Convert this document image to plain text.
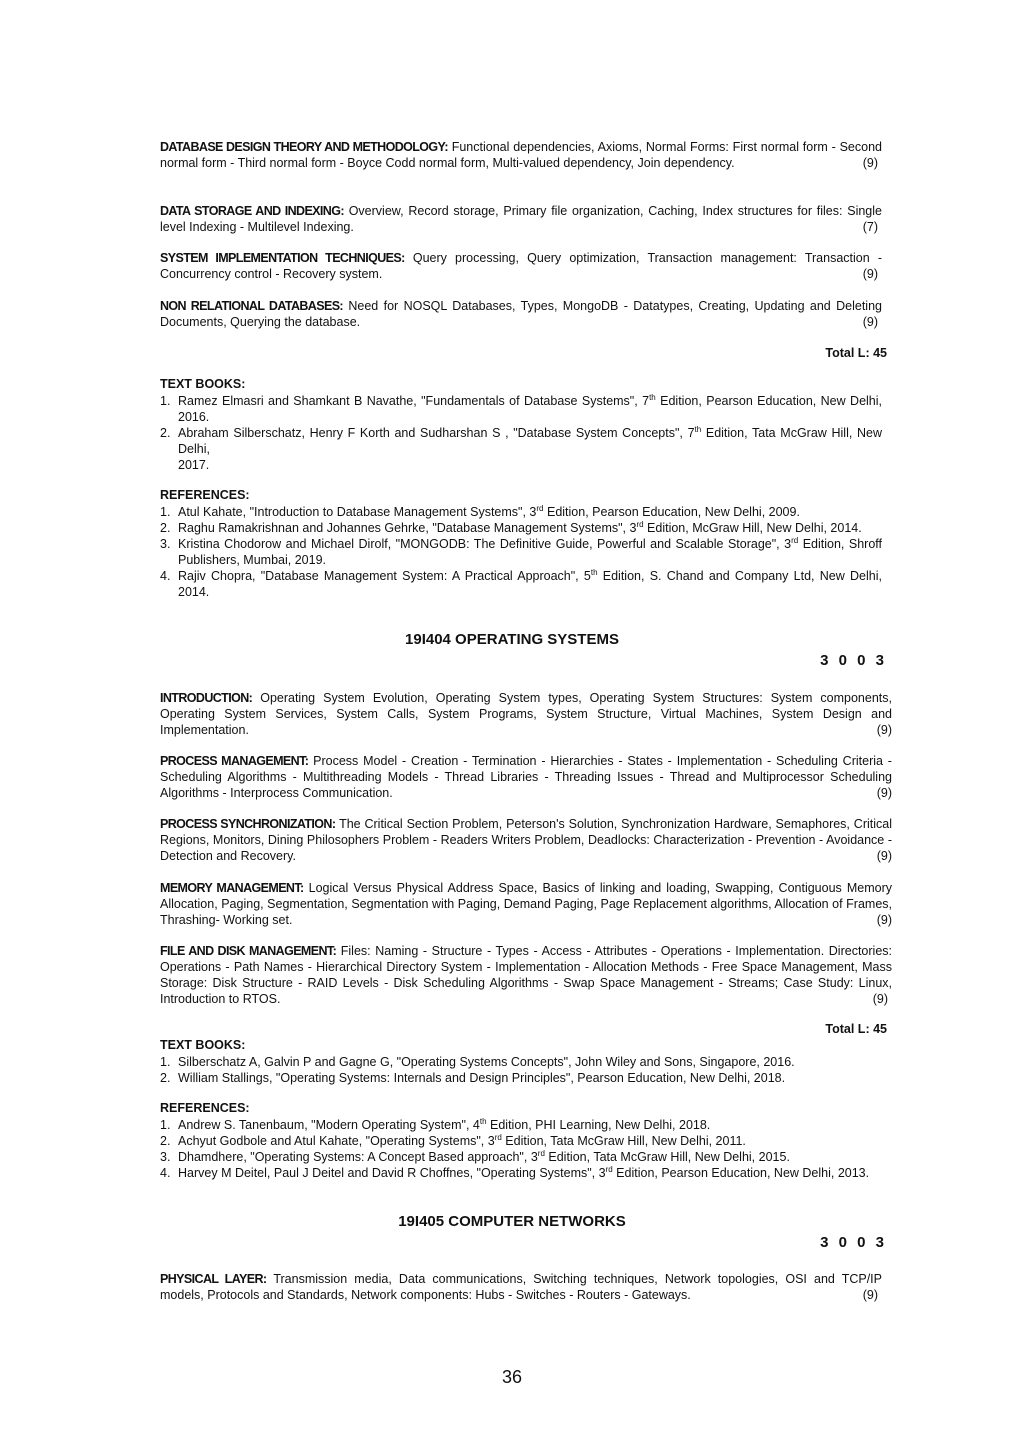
(9)
DATABASE DESIGN THEORY AND METHODOLOGY: Functional dependencies, Axioms, Normal Forms: First normal form - Second normal form - Third normal form - Boyce Codd normal form, Multi-valued dependency, Join dependency.
(7)
DATA STORAGE AND INDEXING: Overview, Record storage, Primary file organization, Caching, Index structures for files: Single level Indexing - Multilevel Indexing.
(9)
SYSTEM IMPLEMENTATION TECHNIQUES: Query processing, Query optimization, Transaction management: Transaction - Concurrency control - Recovery system.
(9)
NON RELATIONAL DATABASES: Need for NOSQL Databases, Types, MongoDB - Datatypes, Creating, Updating and Deleting Documents, Querying the database.
Total L: 45
TEXT BOOKS:
1. Ramez Elmasri and Shamkant B Navathe, "Fundamentals of Database Systems", 7th Edition, Pearson Education, New Delhi, 2016.
2. Abraham Silberschatz, Henry F Korth and Sudharshan S , "Database System Concepts", 7th Edition, Tata McGraw Hill, New Delhi,
2017.
REFERENCES:
1. Atul Kahate, "Introduction to Database Management Systems", 3rd Edition, Pearson Education, New Delhi, 2009.
2. Raghu Ramakrishnan and Johannes Gehrke, "Database Management Systems", 3rd Edition, McGraw Hill, New Delhi, 2014.
3. Kristina Chodorow and Michael Dirolf, "MONGODB: The Definitive Guide, Powerful and Scalable Storage", 3rd Edition, Shroff Publishers, Mumbai, 2019.
4. Rajiv Chopra, "Database Management System: A Practical Approach", 5th Edition, S. Chand and Company Ltd, New Delhi, 2014.
19I404 OPERATING SYSTEMS
3 0 0 3
(9)
INTRODUCTION: Operating System Evolution, Operating System types, Operating System Structures: System components, Operating System Services, System Calls, System Programs, System Structure, Virtual Machines, System Design and Implementation.
(9)
PROCESS MANAGEMENT: Process Model - Creation - Termination - Hierarchies - States - Implementation - Scheduling Criteria - Scheduling Algorithms - Multithreading Models - Thread Libraries - Threading Issues - Thread and Multiprocessor Scheduling Algorithms - Interprocess Communication.
(9)
PROCESS SYNCHRONIZATION: The Critical Section Problem, Peterson's Solution, Synchronization Hardware, Semaphores, Critical Regions, Monitors, Dining Philosophers Problem - Readers Writers Problem, Deadlocks: Characterization - Prevention - Avoidance - Detection and Recovery.
(9)
MEMORY MANAGEMENT: Logical Versus Physical Address Space, Basics of linking and loading, Swapping, Contiguous Memory Allocation, Paging, Segmentation, Segmentation with Paging, Demand Paging, Page Replacement algorithms, Allocation of Frames, Thrashing- Working set.
(9)
FILE AND DISK MANAGEMENT: Files: Naming - Structure - Types - Access - Attributes - Operations - Implementation. Directories: Operations - Path Names - Hierarchical Directory System - Implementation - Allocation Methods - Free Space Management, Mass Storage: Disk Structure - RAID Levels - Disk Scheduling Algorithms - Swap Space Management - Streams; Case Study: Linux, Introduction to RTOS.
Total L: 45
TEXT BOOKS:
1. Silberschatz A, Galvin P and Gagne G, "Operating Systems Concepts", John Wiley and Sons, Singapore, 2016.
2. William Stallings, "Operating Systems: Internals and Design Principles", Pearson Education, New Delhi, 2018.
REFERENCES:
1. Andrew S. Tanenbaum, "Modern Operating System", 4th Edition, PHI Learning, New Delhi, 2018.
2. Achyut Godbole and Atul Kahate, "Operating Systems", 3rd Edition, Tata McGraw Hill, New Delhi, 2011.
3. Dhamdhere, "Operating Systems: A Concept Based approach", 3rd Edition, Tata McGraw Hill, New Delhi, 2015.
4. Harvey M Deitel, Paul J Deitel and David R Choffnes, "Operating Systems", 3rd Edition, Pearson Education, New Delhi, 2013.
19I405 COMPUTER NETWORKS
3 0 0 3
(9)
PHYSICAL LAYER: Transmission media, Data communications, Switching techniques, Network topologies, OSI and TCP/IP models, Protocols and Standards, Network components: Hubs - Switches - Routers - Gateways.
36
